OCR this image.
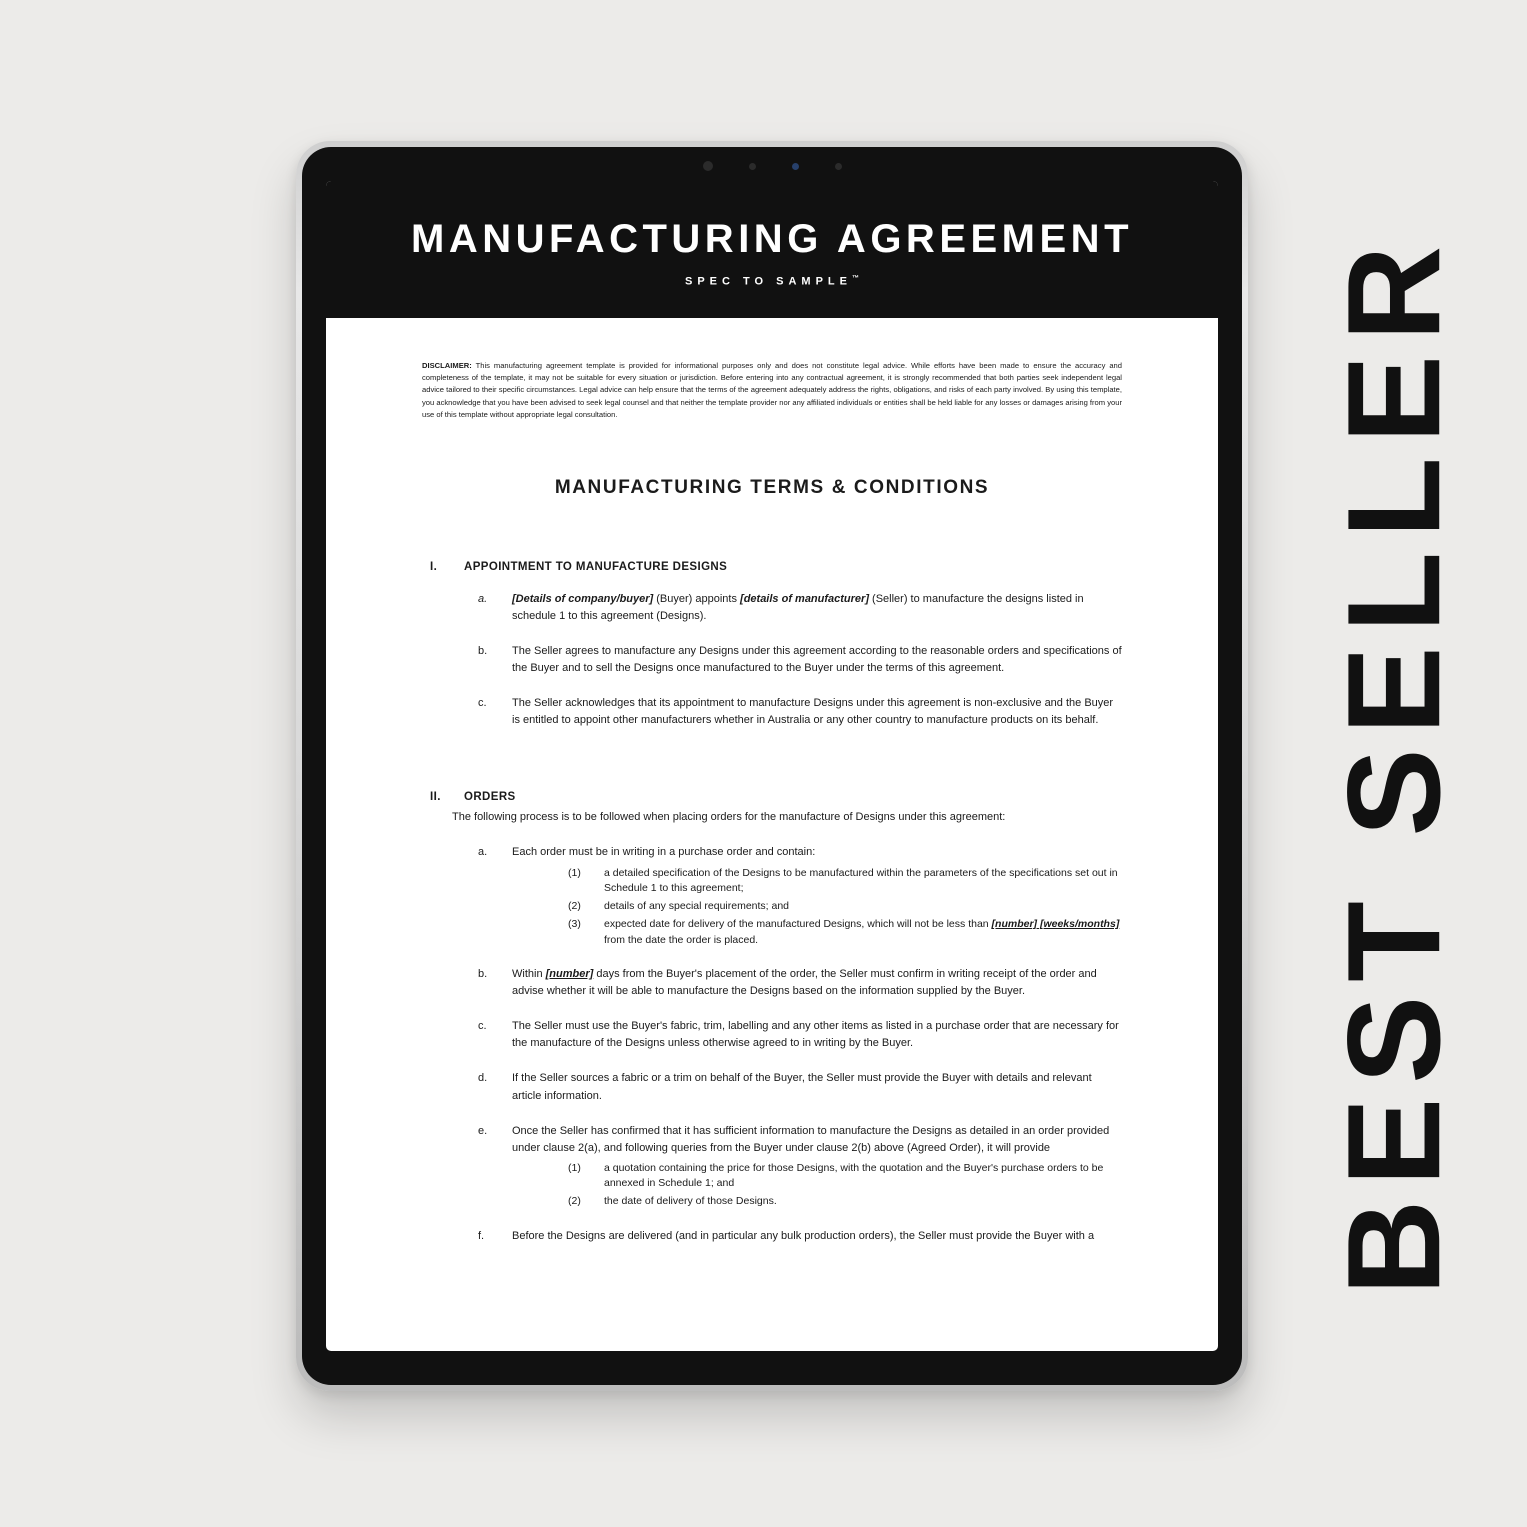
BEST SELLER
MANUFACTURING AGREEMENT
SPEC TO SAMPLE™

DISCLAIMER: This manufacturing agreement template is provided for informational purposes only and does not constitute legal advice. While efforts have been made to ensure the accuracy and completeness of the template, it may not be suitable for every situation or jurisdiction. Before entering into any contractual agreement, it is strongly recommended that both parties seek independent legal advice tailored to their specific circumstances. Legal advice can help ensure that the terms of the agreement adequately address the rights, obligations, and risks of each party involved. By using this template, you acknowledge that you have been advised to seek legal counsel and that neither the template provider nor any affiliated individuals or entities shall be held liable for any losses or damages arising from your use of this template without appropriate legal consultation.

MANUFACTURING TERMS & CONDITIONS
I.	APPOINTMENT TO MANUFACTURE DESIGNS
a. [Details of company/buyer] (Buyer) appoints [details of manufacturer] (Seller) to manufacture the designs listed in schedule 1 to this agreement (Designs).
b. The Seller agrees to manufacture any Designs under this agreement according to the reasonable orders and specifications of the Buyer and to sell the Designs once manufactured to the Buyer under the terms of this agreement.
c.	The Seller acknowledges that its appointment to manufacture Designs under this agreement is non-exclusive and the Buyer is entitled to appoint other manufacturers whether in Australia or any other country to manufacture products on its behalf.
II.	ORDERS

The following process is to be followed when placing orders for the manufacture of Designs under this agreement:

a. Each order must be in writing in a purchase order and contain:
(1)	a detailed specification of the Designs to be manufactured within the parameters of the specifications set out in Schedule 1 to this agreement;
(2)	details of any special requirements; and
(3)	expected date for delivery of the manufactured Designs, which will not be less than [number] [weeks/months] from the date the order is placed.
b. Within [number] days from the Buyer's placement of the order, the Seller must confirm in writing receipt of the order and advise whether it will be able to manufacture the Designs based on the information supplied by the Buyer.
c.	The Seller must use the Buyer's fabric, trim, labelling and any other items as listed in a purchase order that are necessary for the manufacture of the Designs unless otherwise agreed to in writing by the Buyer.
d. If the Seller sources a fabric or a trim on behalf of the Buyer, the Seller must provide the Buyer with details and relevant article information.
e. Once the Seller has confirmed that it has sufficient information to manufacture the Designs as detailed in an order provided under clause 2(a), and following queries from the Buyer under clause 2(b) above (Agreed Order), it will provide
(1)	a quotation containing the price for those Designs, with the quotation and the Buyer's purchase orders to be annexed in Schedule 1; and
(2)	the date of delivery of those Designs.
f.	Before the Designs are delivered (and in particular any bulk production orders), the Seller must provide the Buyer with a
